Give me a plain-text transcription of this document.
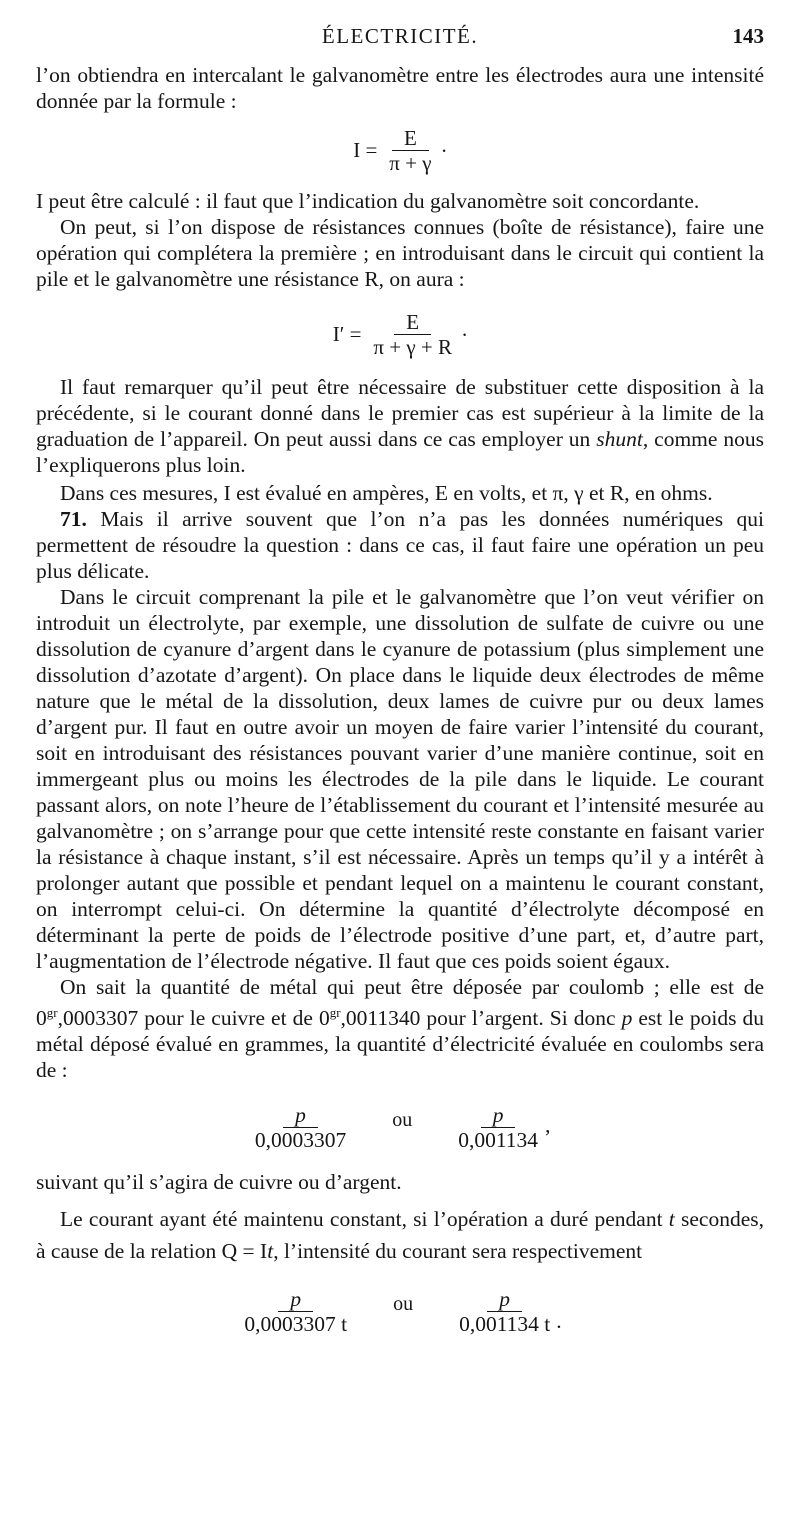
ÉLECTRICITÉ.	143

l’on obtiendra en intercalant le galvanomètre entre les électrodes aura une intensité donnée par la formule :

$I = \frac{E}{\pi + \gamma}$ .

I peut être calculé : il faut que l’indication du galvanomètre soit concordante.

On peut, si l’on dispose de résistances connues (boîte de résistance), faire une opération qui complétera la première ; en introduisant dans le circuit qui contient la pile et le galvanomètre une résistance R, on aura :

$I' = \frac{E}{\pi + \gamma + R}$ .

Il faut remarquer qu’il peut être nécessaire de substituer cette disposition à la précédente, si le courant donné dans le premier cas est supérieur à la limite de la graduation de l’appareil. On peut aussi dans ce cas employer un shunt, comme nous l’expliquerons plus loin.

Dans ces mesures, I est évalué en ampères, E en volts, et π, γ et R, en ohms.

71. Mais il arrive souvent que l’on n’a pas les données numériques qui permettent de résoudre la question : dans ce cas, il faut faire une opération un peu plus délicate.

Dans le circuit comprenant la pile et le galvanomètre que l’on veut vérifier on introduit un électrolyte, par exemple, une dissolution de sulfate de cuivre ou une dissolution de cyanure d’argent dans le cyanure de potassium (plus simplement une dissolution d’azotate d’argent). On place dans le liquide deux électrodes de même nature que le métal de la dissolution, deux lames de cuivre pur ou deux lames d’argent pur. Il faut en outre avoir un moyen de faire varier l’intensité du courant, soit en introduisant des résistances pouvant varier d’une manière continue, soit en immergeant plus ou moins les électrodes de la pile dans le liquide. Le courant passant alors, on note l’heure de l’établissement du courant et l’intensité mesurée au galvanomètre ; on s’arrange pour que cette intensité reste constante en faisant varier la résistance à chaque instant, s’il est nécessaire. Après un temps qu’il y a intérêt à prolonger autant que possible et pendant lequel on a maintenu le courant constant, on interrompt celui-ci. On détermine la quantité d’électrolyte décomposé en déterminant la perte de poids de l’électrode positive d’une part, et, d’autre part, l’augmentation de l’électrode négative. Il faut que ces poids soient égaux.

On sait la quantité de métal qui peut être déposée par coulomb ; elle est de $0^{gr},0003307$ pour le cuivre et de $0^{gr},0011340$ pour l’argent. Si donc p est le poids du métal déposé évalué en grammes, la quantité d’électricité évaluée en coulombs sera de :

$\frac{p}{0,0003307}$ ou $\frac{p}{0,001134}$ ’

suivant qu’il s’agira de cuivre ou d’argent.

Le courant ayant été maintenu constant, si l’opération a duré pendant t secondes, à cause de la relation Q = It, l’intensité du courant sera respectivement

$\frac{p}{0,0003307 t}$ ou $\frac{p}{0,001134 t}$ .
